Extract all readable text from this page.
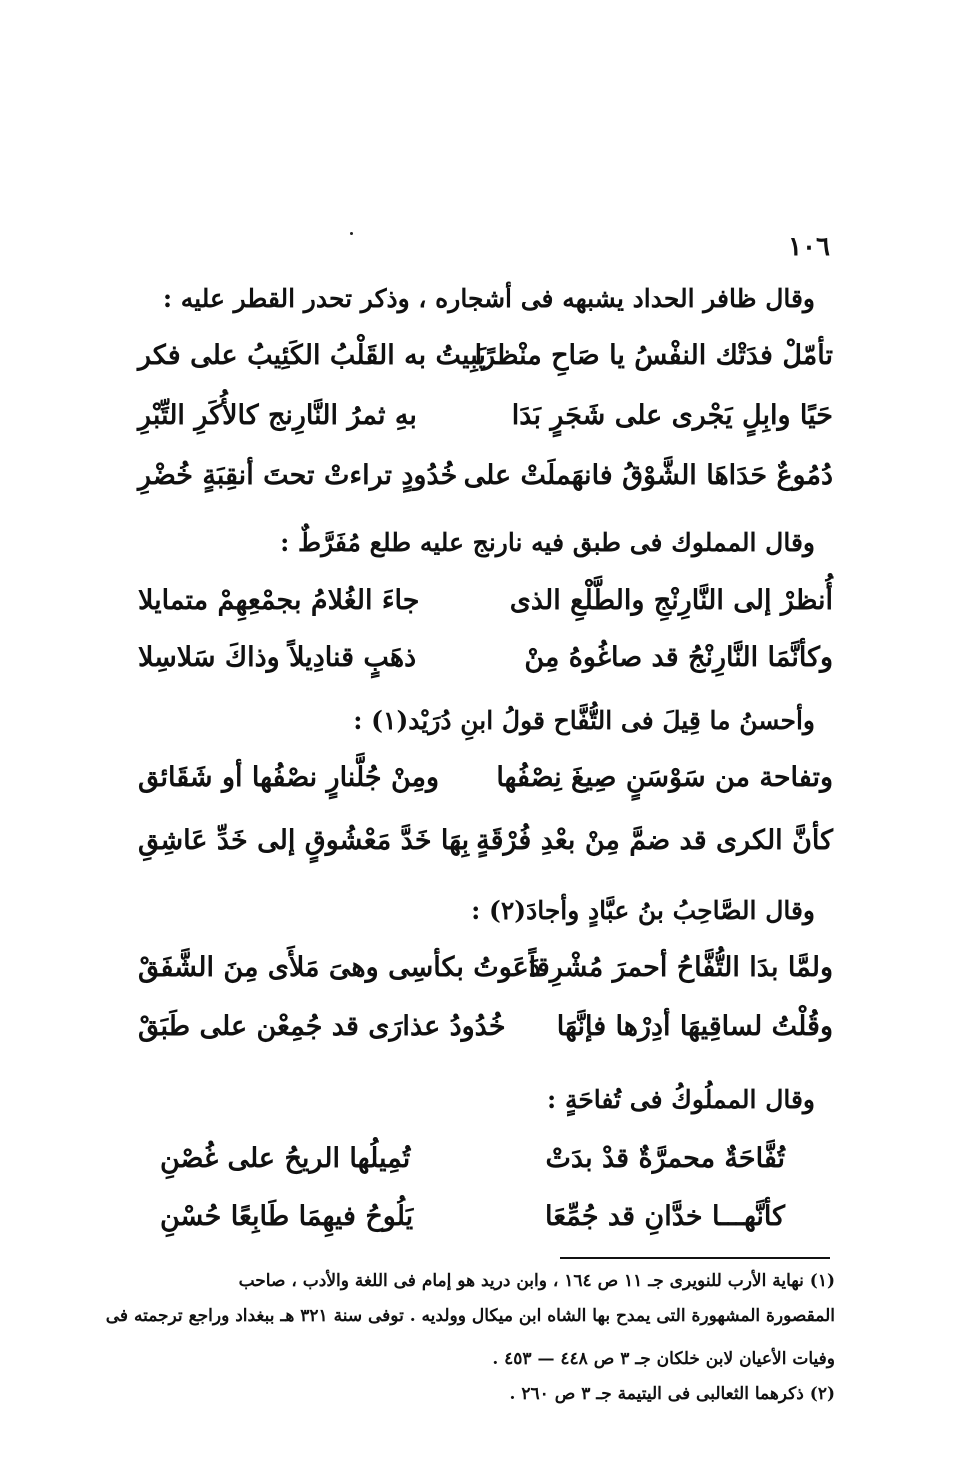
١٠٦
وقال ظافر الحداد يشبهه فى أشجاره ، وذكر تحدر القطر عليه :
تأمّلْ فدَتْك النفْسُ يا صَاحِ منْظرًا
يَبِيتُ به القَلْبُ الكَئِيبُ على فكر
حَيًا وابِلٍ يَجْرى على شَجَرٍ بَدَا
بهِ ثمرُ النَّارِنج كالأُكَرِ التِّبْرِ
دُمُوعٌ حَدَاهَا الشَّوْقُ فانهَملَتْ على
خُدُودٍ تراءتْ تحتَ أنقِبَةٍ خُضْرِ
وقال المملوك فى طبق فيه نارنج عليه طلع مُفَرَّطٌ :
أُنظرْ إلى النَّارِنْجِ والطَّلْعِ الذى
جاءَ الغُلامُ بجمْعِهِمْ متمايلا
وكأنَّمَا النَّارِنْجُ قد صاغُوهُ مِنْ
ذهَبٍ قنادِيلاً وذاكَ سَلاسِلا
وأحسنُ ما قِيلَ فى التُّفَّاح قولُ ابنِ دُرَيْد(١) :
وتفاحة من سَوْسَنٍ صِيغَ نِصْفُها
ومِنْ جُلَّنارٍ نصْفُها أو شَقَائق
كأنَّ الكرى قد ضمَّ مِنْ بعْدِ فُرْقَةٍ
بِهَا خَدَّ مَعْشُوقٍ إلى خَدِّ عَاشِقِ
وقال الصَّاحِبُ بنُ عبَّادٍ وأجادَ(٢) :
ولمَّا بدَا التُّفَّاحُ أحمرَ مُشْرِقاً
دَعَوتُ بكأسِى وهىَ مَلأَى مِنَ الشَّفَقْ
وقُلْتُ لساقِيهَا أدِرْها فإنَّهَا
خُدُودُ عذارَى قد جُمِعْن على طَبَقْ
وقال المملُوكُ فى تُفاحَةٍ :
تُفَّاحَةٌ محمرَّةٌ قدْ بدَتْ
تُمِيلُها الريحُ على غُصْنِ
كأنَّهـــا خدَّانِ قد جُمِّعَا
يَلُوحُ فيهِمَا طَابِعًا حُسْنِ
(١) نهاية الأرب للنويرى جـ ١١ ص ١٦٤ ، وابن دريد هو إمام فى اللغة والأدب ، صاحب
المقصورة المشهورة التى يمدح بها الشاه ابن ميكال وولديه . توفى سنة ٣٢١ هـ ببغداد وراجع ترجمته فى
وفيات الأعيان لابن خلكان جـ ٣ ص ٤٤٨ — ٤٥٣ .
(٢) ذكرهما الثعالبى فى اليتيمة جـ ٣ ص ٢٦٠ .
